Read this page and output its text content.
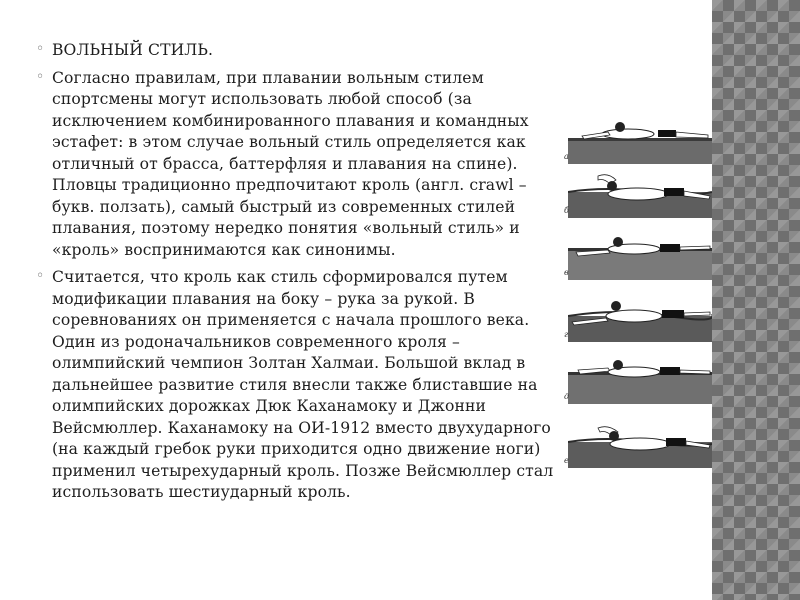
◦ ВОЛЬНЫЙ СТИЛЬ.

◦ Согласно правилам, при плавании вольным стилем спортсмены могут использовать любой способ (за исключением комбинированного плавания и командных эстафет: в этом случае вольный стиль определяется как отличный от брасса, баттерфляя и плавания на спине). Пловцы традиционно предпочитают кроль (англ. crawl – букв. ползать), самый быстрый из современных стилей плавания, поэтому нередко понятия «вольный стиль» и «кроль» воспринимаются как синонимы.

◦ Считается, что кроль как стиль сформировался путем модификации плавания на боку – рука за рукой. В соревнованиях он применяется с начала прошлого века. Один из родоначальников современного кроля – олимпийский чемпион Золтан Халмаи. Большой вклад в дальнейшее развитие стиля внесли также блиставшие на олимпийских дорожках Дюк Каханамоку и Джонни Вейсмюллер. Каханамоку на ОИ-1912 вместо двухударного (на каждый гребок руки приходится одно движение ноги) применил четырехударный кроль. Позже Вейсмюллер стал использовать шестиударный кроль.

а
б
в
г
д
е
